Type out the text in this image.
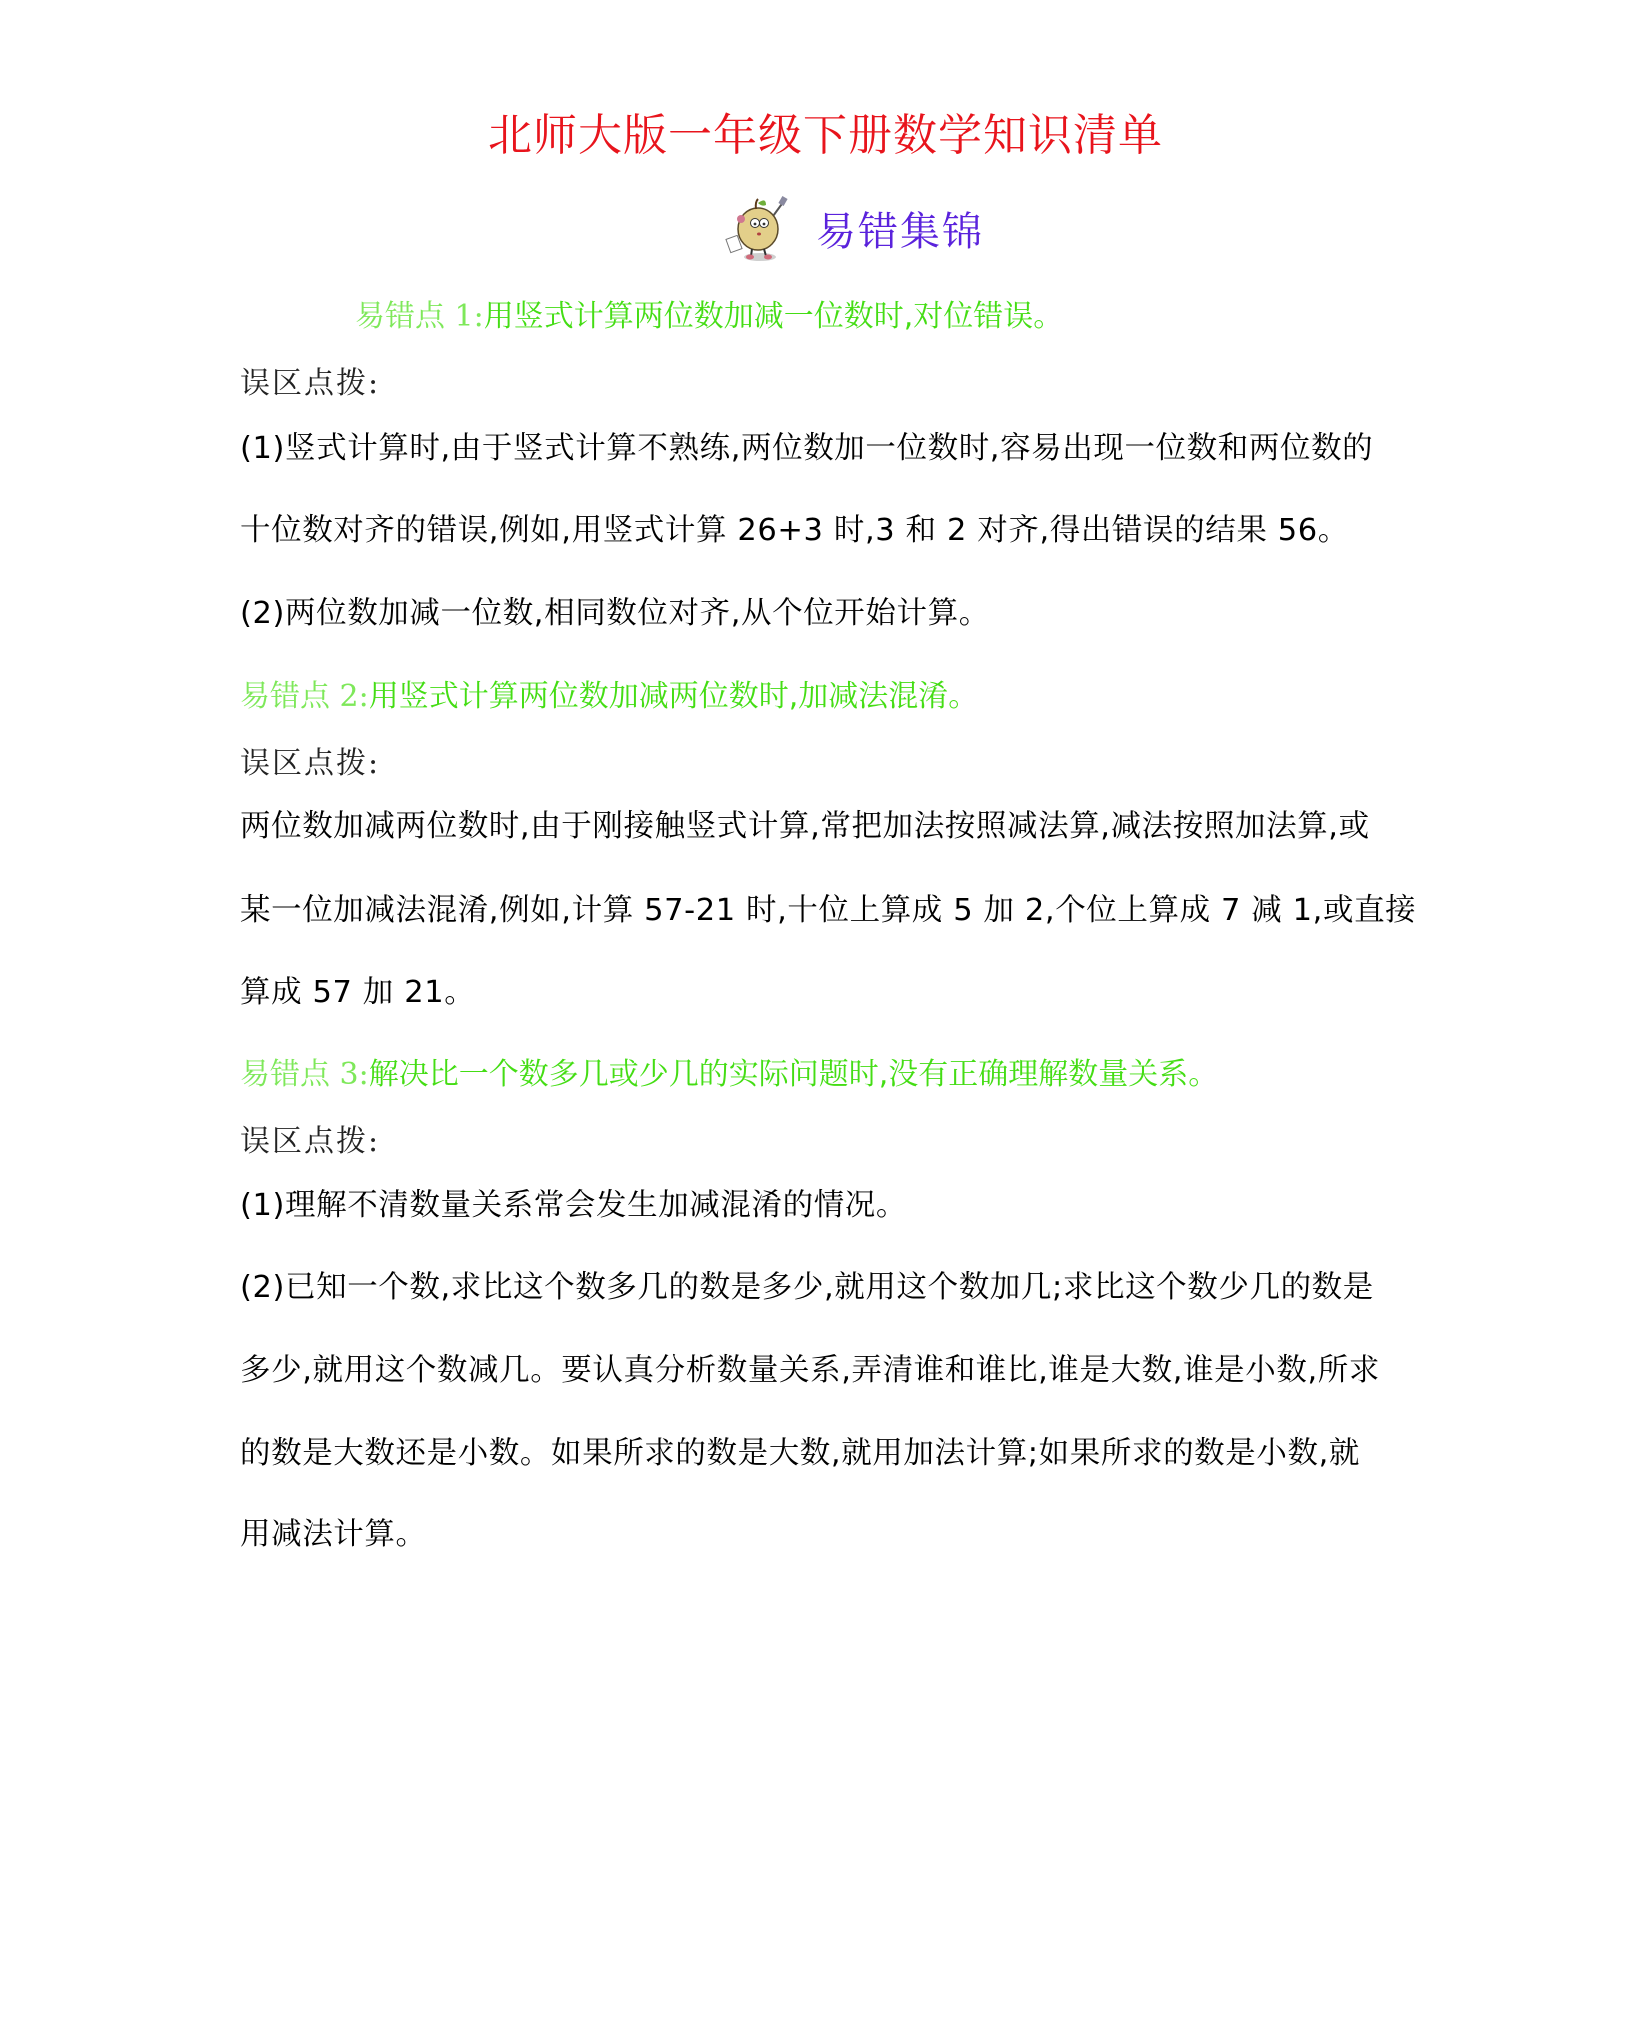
北师大版一年级下册数学知识清单
易错集锦
易错点 1:用竖式计算两位数加减一位数时,对位错误。
误区点拨:
(1)竖式计算时,由于竖式计算不熟练,两位数加一位数时,容易出现一位数和两位数的
十位数对齐的错误,例如,用竖式计算 26+3 时,3 和 2 对齐,得出错误的结果 56。
(2)两位数加减一位数,相同数位对齐,从个位开始计算。
易错点 2:用竖式计算两位数加减两位数时,加减法混淆。
误区点拨:
两位数加减两位数时,由于刚接触竖式计算,常把加法按照减法算,减法按照加法算,或
某一位加减法混淆,例如,计算 57-21 时,十位上算成 5 加 2,个位上算成 7 减 1,或直接
算成 57 加 21。
易错点 3:解决比一个数多几或少几的实际问题时,没有正确理解数量关系。
误区点拨:
(1)理解不清数量关系常会发生加减混淆的情况。
(2)已知一个数,求比这个数多几的数是多少,就用这个数加几;求比这个数少几的数是
多少,就用这个数减几。要认真分析数量关系,弄清谁和谁比,谁是大数,谁是小数,所求
的数是大数还是小数。如果所求的数是大数,就用加法计算;如果所求的数是小数,就
用减法计算。
